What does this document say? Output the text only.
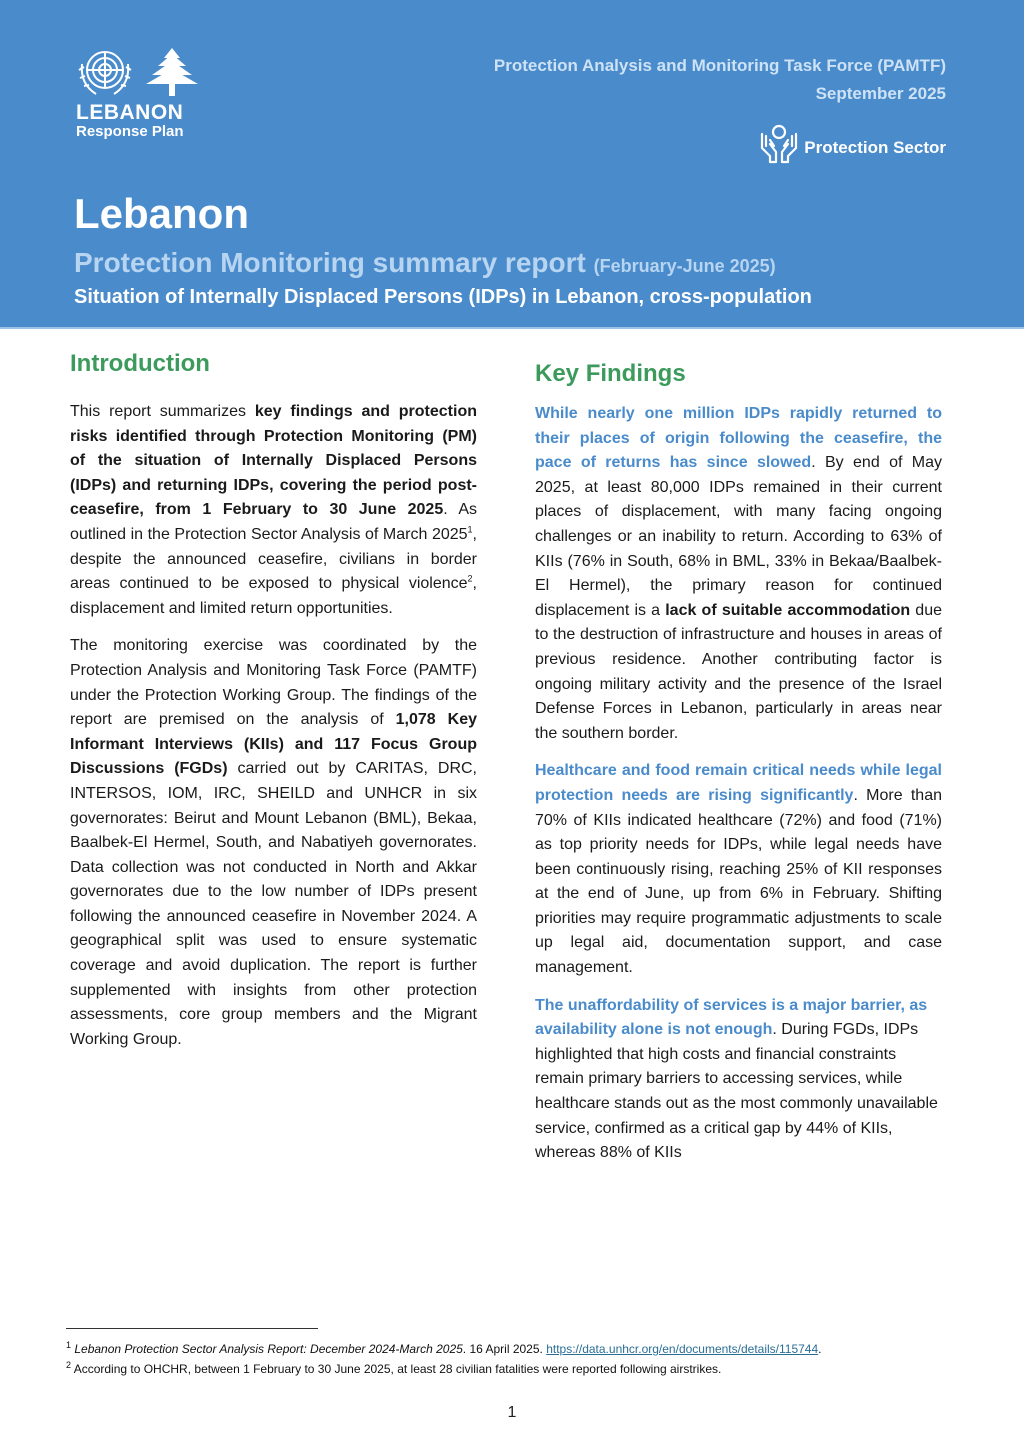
LEBANON
Response Plan
Protection Analysis and Monitoring Task Force (PAMTF)
September 2025
Protection Sector
Lebanon
Protection Monitoring summary report (February-June 2025)
Situation of Internally Displaced Persons (IDPs) in Lebanon, cross-population
Introduction

This report summarizes key findings and protection risks identified through Protection Monitoring (PM) of the situation of Internally Displaced Persons (IDPs) and returning IDPs, covering the period post-ceasefire, from 1 February to 30 June 2025. As outlined in the Protection Sector Analysis of March 2025$^1$, despite the announced ceasefire, civilians in border areas continued to be exposed to physical violence$^2$, displacement and limited return opportunities.

The monitoring exercise was coordinated by the Protection Analysis and Monitoring Task Force (PAMTF) under the Protection Working Group. The findings of the report are premised on the analysis of 1,078 Key Informant Interviews (KIIs) and 117 Focus Group Discussions (FGDs) carried out by CARITAS, DRC, INTERSOS, IOM, IRC, SHEILD and UNHCR in six governorates: Beirut and Mount Lebanon (BML), Bekaa, Baalbek-El Hermel, South, and Nabatiyeh governorates. Data collection was not conducted in North and Akkar governorates due to the low number of IDPs present following the announced ceasefire in November 2024. A geographical split was used to ensure systematic coverage and avoid duplication. The report is further supplemented with insights from other protection assessments, core group members and the Migrant Working Group.

Key Findings

While nearly one million IDPs rapidly returned to their places of origin following the ceasefire, the pace of returns has since slowed. By end of May 2025, at least 80,000 IDPs remained in their current places of displacement, with many facing ongoing challenges or an inability to return. According to 63% of KIIs (76% in South, 68% in BML, 33% in Bekaa/Baalbek-El Hermel), the primary reason for continued displacement is a lack of suitable accommodation due to the destruction of infrastructure and houses in areas of previous residence. Another contributing factor is ongoing military activity and the presence of the Israel Defense Forces in Lebanon, particularly in areas near the southern border.

Healthcare and food remain critical needs while legal protection needs are rising significantly. More than 70% of KIIs indicated healthcare (72%) and food (71%) as top priority needs for IDPs, while legal needs have been continuously rising, reaching 25% of KII responses at the end of June, up from 6% in February. Shifting priorities may require programmatic adjustments to scale up legal aid, documentation support, and case management.

The unaffordability of services is a major barrier, as availability alone is not enough. During FGDs, IDPs highlighted that high costs and financial constraints remain primary barriers to accessing services, while healthcare stands out as the most commonly unavailable service, confirmed as a critical gap by 44% of KIIs, whereas 88% of KIIs

$^1$ Lebanon Protection Sector Analysis Report: December 2024-March 2025. 16 April 2025. https://data.unhcr.org/en/documents/details/115744.
$^2$ According to OHCHR, between 1 February to 30 June 2025, at least 28 civilian fatalities were reported following airstrikes.
1
